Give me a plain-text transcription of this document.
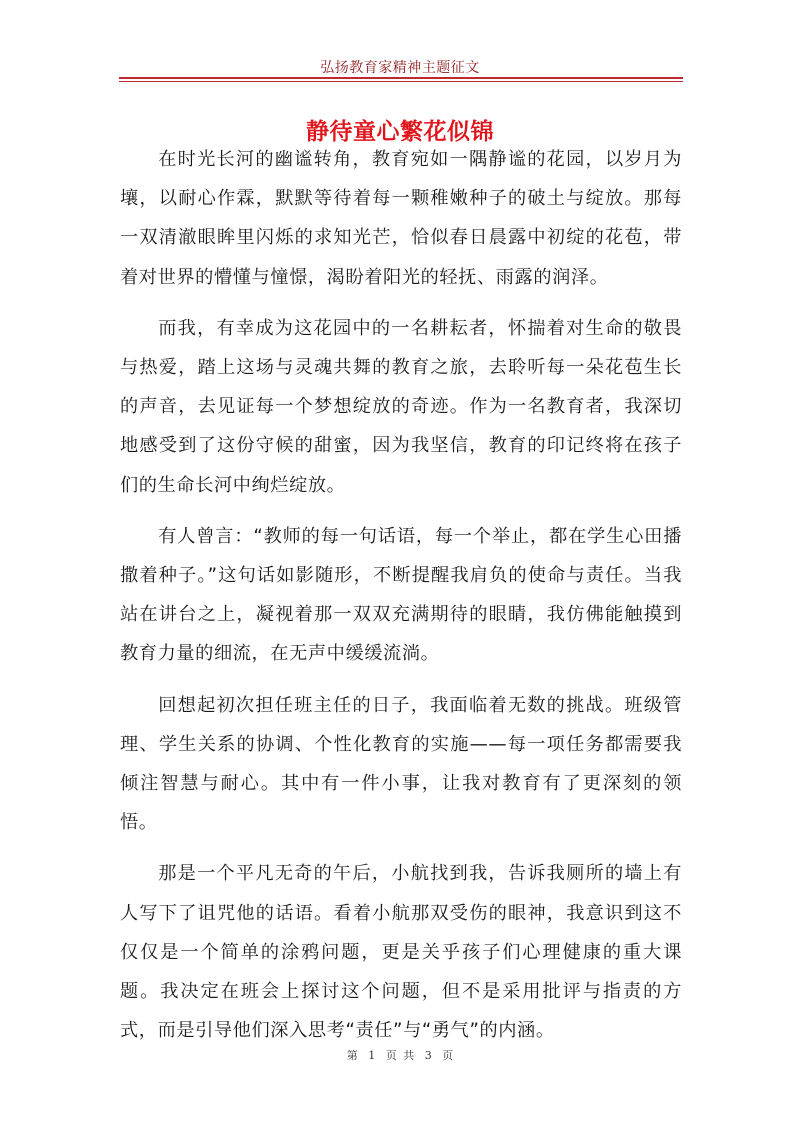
弘扬教育家精神主题征文
静待童心繁花似锦

在时光长河的幽谧转角，教育宛如一隅静谧的花园，以岁月为壤，以耐心作霖，默默等待着每一颗稚嫩种子的破土与绽放。那每一双清澈眼眸里闪烁的求知光芒，恰似春日晨露中初绽的花苞，带着对世界的懵懂与憧憬，渴盼着阳光的轻抚、雨露的润泽。

而我，有幸成为这花园中的一名耕耘者，怀揣着对生命的敬畏与热爱，踏上这场与灵魂共舞的教育之旅，去聆听每一朵花苞生长的声音，去见证每一个梦想绽放的奇迹。作为一名教育者，我深切地感受到了这份守候的甜蜜，因为我坚信，教育的印记终将在孩子们的生命长河中绚烂绽放。

有人曾言：“教师的每一句话语，每一个举止，都在学生心田播撒着种子。”这句话如影随形，不断提醒我肩负的使命与责任。当我站在讲台之上，凝视着那一双双充满期待的眼睛，我仿佛能触摸到教育力量的细流，在无声中缓缓流淌。

回想起初次担任班主任的日子，我面临着无数的挑战。班级管理、学生关系的协调、个性化教育的实施——每一项任务都需要我倾注智慧与耐心。其中有一件小事，让我对教育有了更深刻的领悟。

那是一个平凡无奇的午后，小航找到我，告诉我厕所的墙上有人写下了诅咒他的话语。看着小航那双受伤的眼神，我意识到这不仅仅是一个简单的涂鸦问题，更是关乎孩子们心理健康的重大课题。我决定在班会上探讨这个问题，但不是采用批评与指责的方式，而是引导他们深入思考“责任”与“勇气”的内涵。

第 1 页 共 3 页
